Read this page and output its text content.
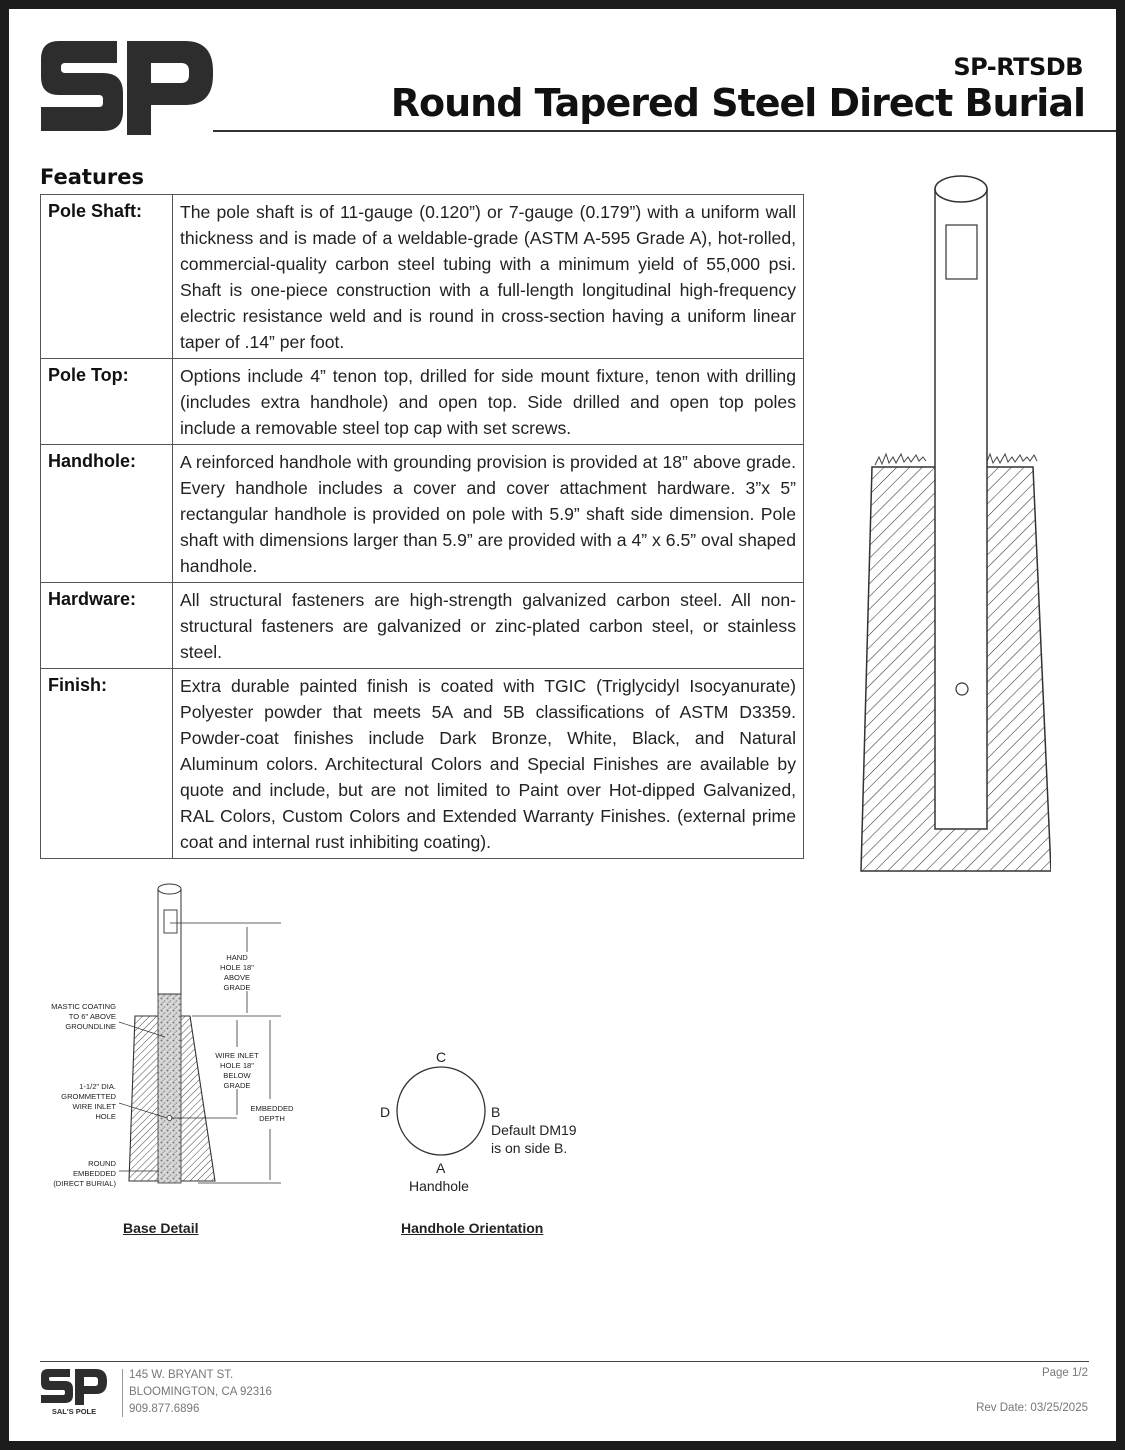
SP-RTSDB
Round Tapered Steel Direct Burial
Features
Pole Shaft:	The pole shaft is of 11-gauge (0.120”) or 7-gauge (0.179”) with a uniform wall thickness and is made of a weldable-grade (ASTM A-595 Grade A), hot-rolled, commercial-quality carbon steel tubing with a minimum yield of 55,000 psi. Shaft is one-piece construction with a full-length longitudinal high-frequency electric resistance weld and is round in cross-section having a uniform linear taper of .14” per foot.
Pole Top:	Options include 4” tenon top, drilled for side mount fixture, tenon with drilling (includes extra handhole) and open top. Side drilled and open top poles include a removable steel top cap with set screws.
Handhole:	A reinforced handhole with grounding provision is provided at 18” above grade. Every handhole includes a cover and cover attachment hardware. 3”x 5” rectangular handhole is provided on pole with 5.9” shaft side dimension. Pole shaft with dimensions larger than 5.9” are provided with a 4” x 6.5” oval shaped handhole.
Hardware:	All structural fasteners are high-strength galvanized carbon steel. All non-structural fasteners are galvanized or zinc-plated carbon steel, or stainless steel.
Finish:	Extra durable painted finish is coated with TGIC (Triglycidyl Isocyanurate) Polyester powder that meets 5A and 5B classifications of ASTM D3359. Powder-coat finishes include Dark Bronze, White, Black, and Natural Aluminum colors. Architectural Colors and Special Finishes are available by quote and include, but are not limited to Paint over Hot-dipped Galvanized, RAL Colors, Custom Colors and Extended Warranty Finishes. (external prime coat and internal rust inhibiting coating).
MASTIC COATING
TO 6" ABOVE
GROUNDLINE
1-1/2" DIA.
GROMMETTED
WIRE INLET
HOLE
ROUND
EMBEDDED
(DIRECT BURIAL)
HAND
HOLE 18"
ABOVE
GRADE
WIRE INLET
HOLE 18"
BELOW
GRADE
EMBEDDED
DEPTH
Base Detail
C
D	B
Default DM19
is on side B.
A
Handhole
Handhole Orientation
SAL'S POLE
145 W. BRYANT ST.
BLOOMINGTON, CA 92316
909.877.6896
Page 1/2
Rev Date: 03/25/2025
